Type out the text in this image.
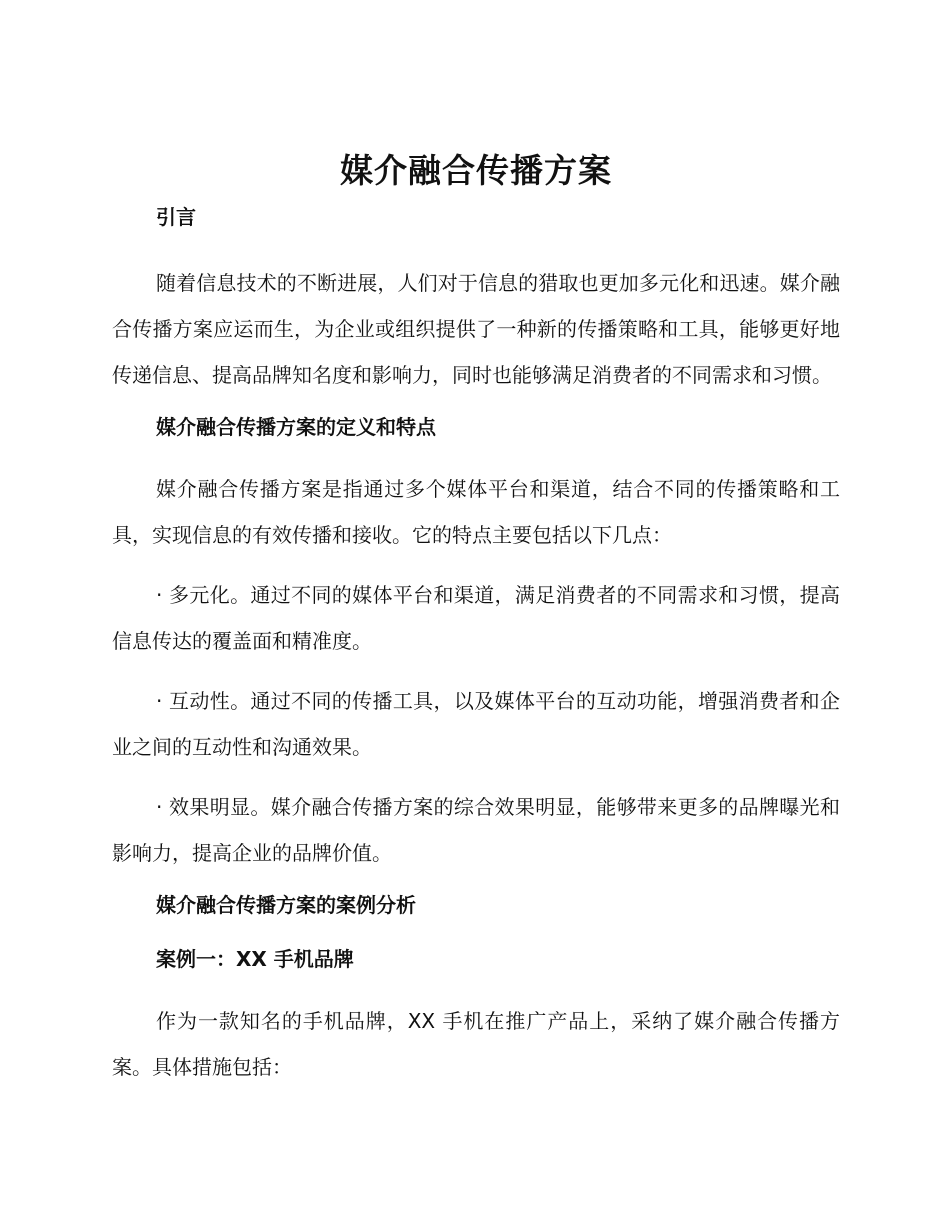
媒介融合传播方案
引言

随着信息技术的不断进展，人们对于信息的猎取也更加多元化和迅速。媒介融合传播方案应运而生，为企业或组织提供了一种新的传播策略和工具，能够更好地传递信息、提高品牌知名度和影响力，同时也能够满足消费者的不同需求和习惯。

媒介融合传播方案的定义和特点

媒介融合传播方案是指通过多个媒体平台和渠道，结合不同的传播策略和工具，实现信息的有效传播和接收。它的特点主要包括以下几点：

· 多元化。通过不同的媒体平台和渠道，满足消费者的不同需求和习惯，提高信息传达的覆盖面和精准度。

· 互动性。通过不同的传播工具，以及媒体平台的互动功能，增强消费者和企业之间的互动性和沟通效果。

· 效果明显。媒介融合传播方案的综合效果明显，能够带来更多的品牌曝光和影响力，提高企业的品牌价值。

媒介融合传播方案的案例分析
案例一：XX 手机品牌

作为一款知名的手机品牌，XX 手机在推广产品上，采纳了媒介融合传播方案。具体措施包括：
